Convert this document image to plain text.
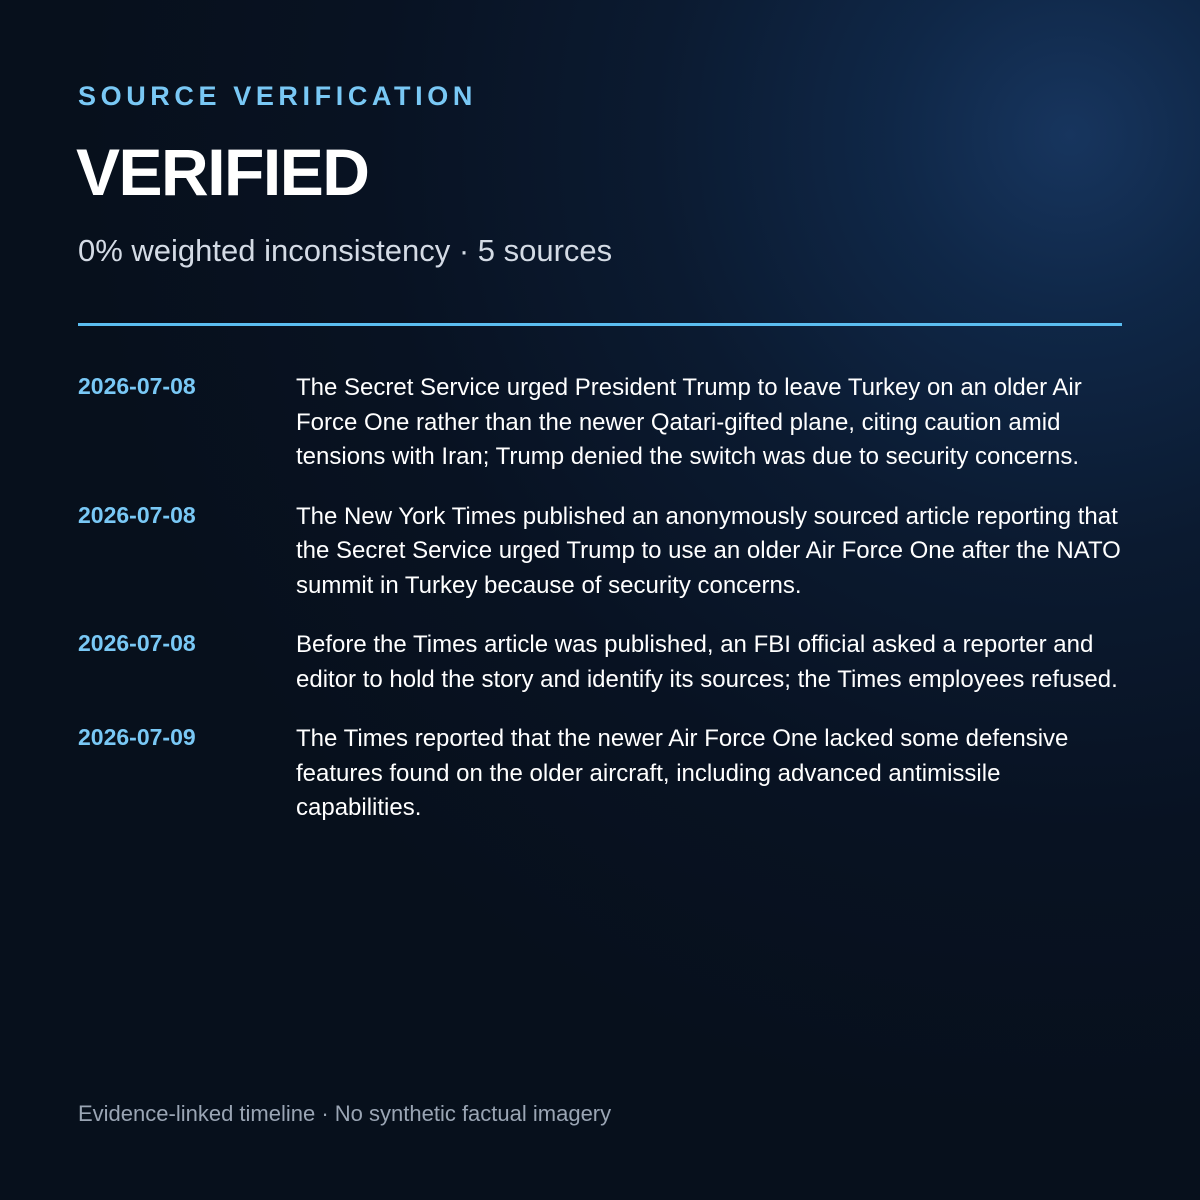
SOURCE VERIFICATION
VERIFIED
0% weighted inconsistency · 5 sources
2026-07-08	The Secret Service urged President Trump to leave Turkey on an older Air Force One rather than the newer Qatari-gifted plane, citing caution amid tensions with Iran; Trump denied the switch was due to security concerns.
2026-07-08	The New York Times published an anonymously sourced article reporting that the Secret Service urged Trump to use an older Air Force One after the NATO summit in Turkey because of security concerns.
2026-07-08	Before the Times article was published, an FBI official asked a reporter and editor to hold the story and identify its sources; the Times employees refused.
2026-07-09	The Times reported that the newer Air Force One lacked some defensive features found on the older aircraft, including advanced antimissile capabilities.
Evidence-linked timeline · No synthetic factual imagery
